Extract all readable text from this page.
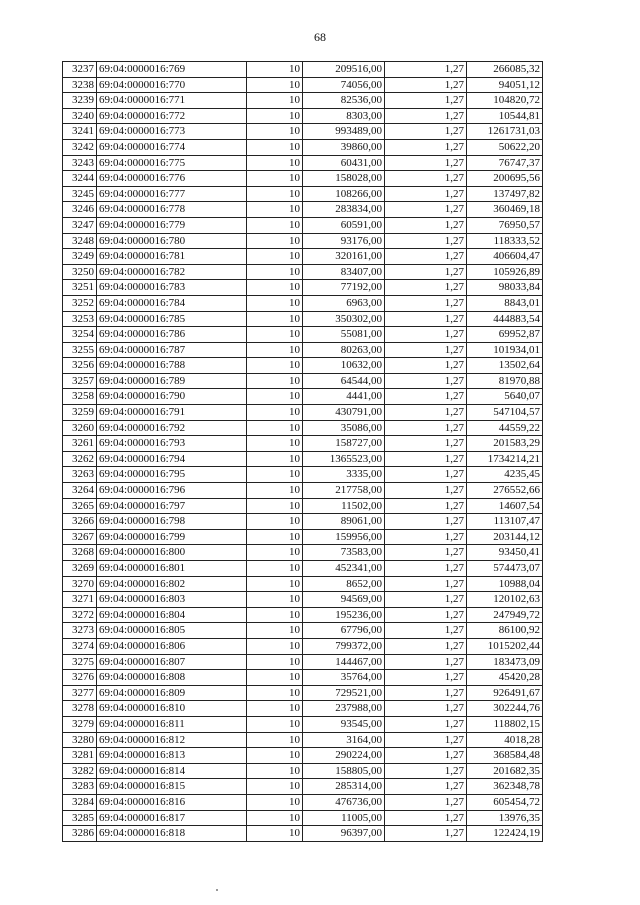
68
3237	69:04:0000016:769	10	209516,00	1,27	266085,32
3238	69:04:0000016:770	10	74056,00	1,27	94051,12
3239	69:04:0000016:771	10	82536,00	1,27	104820,72
3240	69:04:0000016:772	10	8303,00	1,27	10544,81
3241	69:04:0000016:773	10	993489,00	1,27	1261731,03
3242	69:04:0000016:774	10	39860,00	1,27	50622,20
3243	69:04:0000016:775	10	60431,00	1,27	76747,37
3244	69:04:0000016:776	10	158028,00	1,27	200695,56
3245	69:04:0000016:777	10	108266,00	1,27	137497,82
3246	69:04:0000016:778	10	283834,00	1,27	360469,18
3247	69:04:0000016:779	10	60591,00	1,27	76950,57
3248	69:04:0000016:780	10	93176,00	1,27	118333,52
3249	69:04:0000016:781	10	320161,00	1,27	406604,47
3250	69:04:0000016:782	10	83407,00	1,27	105926,89
3251	69:04:0000016:783	10	77192,00	1,27	98033,84
3252	69:04:0000016:784	10	6963,00	1,27	8843,01
3253	69:04:0000016:785	10	350302,00	1,27	444883,54
3254	69:04:0000016:786	10	55081,00	1,27	69952,87
3255	69:04:0000016:787	10	80263,00	1,27	101934,01
3256	69:04:0000016:788	10	10632,00	1,27	13502,64
3257	69:04:0000016:789	10	64544,00	1,27	81970,88
3258	69:04:0000016:790	10	4441,00	1,27	5640,07
3259	69:04:0000016:791	10	430791,00	1,27	547104,57
3260	69:04:0000016:792	10	35086,00	1,27	44559,22
3261	69:04:0000016:793	10	158727,00	1,27	201583,29
3262	69:04:0000016:794	10	1365523,00	1,27	1734214,21
3263	69:04:0000016:795	10	3335,00	1,27	4235,45
3264	69:04:0000016:796	10	217758,00	1,27	276552,66
3265	69:04:0000016:797	10	11502,00	1,27	14607,54
3266	69:04:0000016:798	10	89061,00	1,27	113107,47
3267	69:04:0000016:799	10	159956,00	1,27	203144,12
3268	69:04:0000016:800	10	73583,00	1,27	93450,41
3269	69:04:0000016:801	10	452341,00	1,27	574473,07
3270	69:04:0000016:802	10	8652,00	1,27	10988,04
3271	69:04:0000016:803	10	94569,00	1,27	120102,63
3272	69:04:0000016:804	10	195236,00	1,27	247949,72
3273	69:04:0000016:805	10	67796,00	1,27	86100,92
3274	69:04:0000016:806	10	799372,00	1,27	1015202,44
3275	69:04:0000016:807	10	144467,00	1,27	183473,09
3276	69:04:0000016:808	10	35764,00	1,27	45420,28
3277	69:04:0000016:809	10	729521,00	1,27	926491,67
3278	69:04:0000016:810	10	237988,00	1,27	302244,76
3279	69:04:0000016:811	10	93545,00	1,27	118802,15
3280	69:04:0000016:812	10	3164,00	1,27	4018,28
3281	69:04:0000016:813	10	290224,00	1,27	368584,48
3282	69:04:0000016:814	10	158805,00	1,27	201682,35
3283	69:04:0000016:815	10	285314,00	1,27	362348,78
3284	69:04:0000016:816	10	476736,00	1,27	605454,72
3285	69:04:0000016:817	10	11005,00	1,27	13976,35
3286	69:04:0000016:818	10	96397,00	1,27	122424,19
